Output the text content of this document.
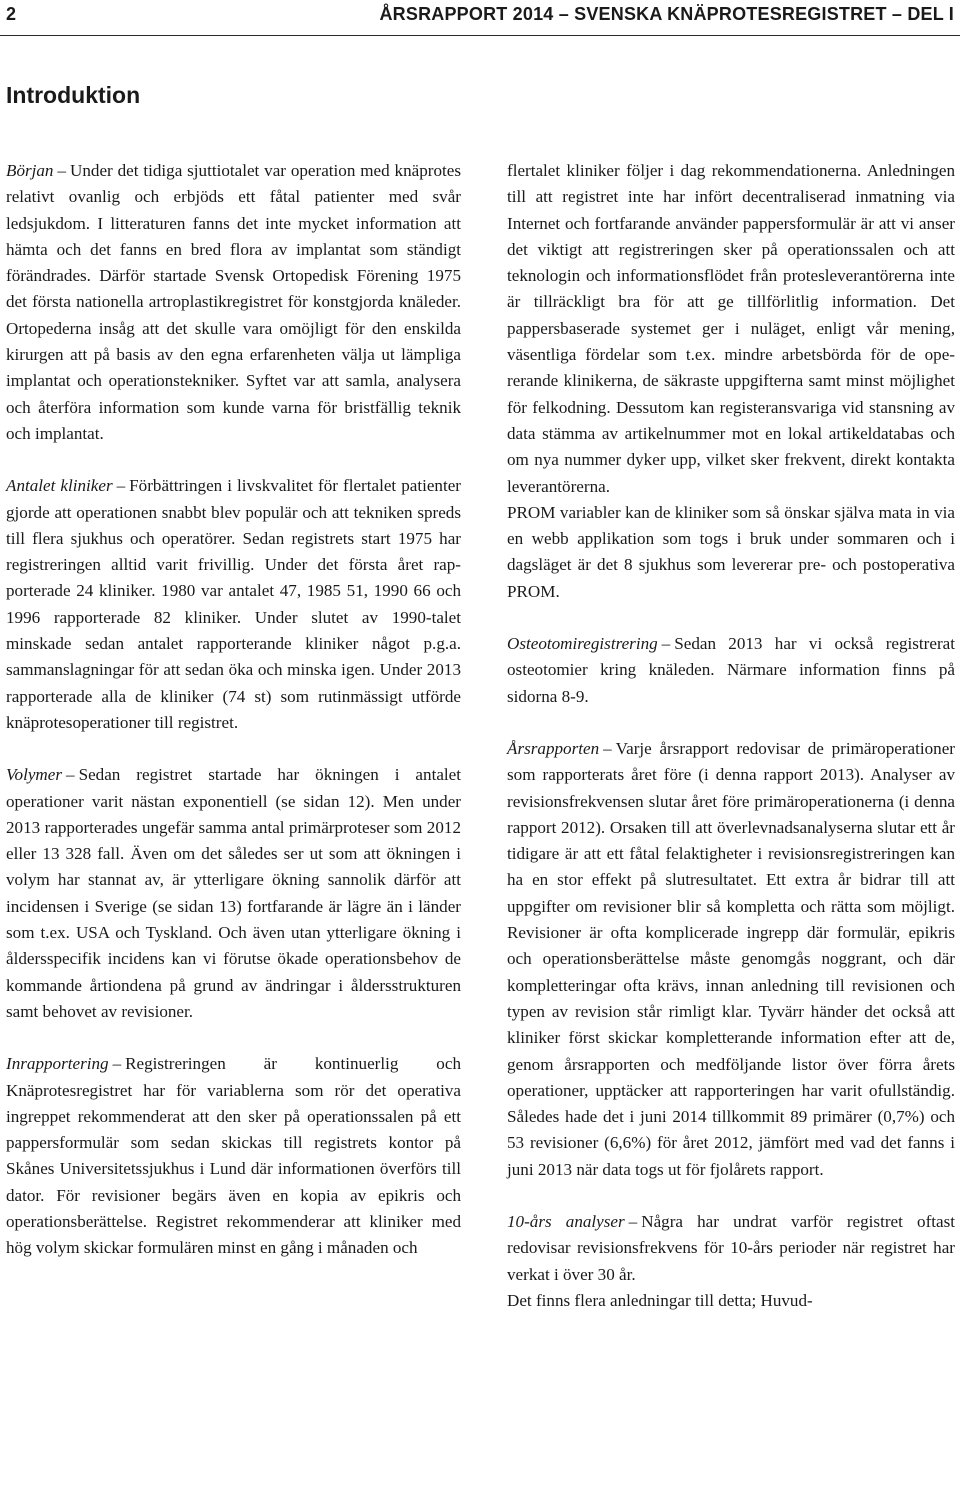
2	ÅRSRAPPORT 2014 – SVENSKA KNÄPROTESREGISTRET – DEL I
Introduktion

Början – Under det tidiga sjuttiotalet var operation med knäprotes relativt ovanlig och erbjöds ett fåtal patienter med svår ledsjukdom. I litteraturen fanns det inte mycket information att hämta och det fanns en bred flora av implantat som ständigt förändrades. Därför startade Svensk Ortopedisk Förening 1975 det första nationella artroplastikregistret för konstgjorda knäleder. Ortopederna insåg att det skulle vara omöjligt för den enskilda kirurgen att på basis av den egna erfarenheten välja ut lämpliga implantat och operationstekniker. Syftet var att samla, analysera och återföra information som kunde varna för bristfällig teknik och implantat.

Antalet kliniker – Förbättringen i livskvalitet för flertalet patienter gjorde att operationen snabbt blev populär och att tekniken spreds till flera sjukhus och operatörer. Sedan registrets start 1975 har registreringen alltid varit frivillig. Under det första året rapporterade 24 kliniker. 1980 var antalet 47, 1985 51, 1990 66 och 1996 rapporterade 82 kliniker. Under slutet av 1990-talet minskade sedan antalet rapporterande kliniker något p.g.a. sammanslagningar för att sedan öka och minska igen. Under 2013 rapporterade alla de kliniker (74 st) som rutinmässigt utförde knäprotesoperationer till registret.

Volymer – Sedan registret startade har ökningen i antalet operationer varit nästan exponentiell (se sidan 12). Men under 2013 rapporterades ungefär samma antal primärproteser som 2012 eller 13 328 fall. Även om det således ser ut som att ökningen i volym har stannat av, är ytterligare ökning sannolik därför att incidensen i Sverige (se sidan 13) fortfarande är lägre än i länder som t.ex. USA och Tyskland. Och även utan ytterligare ökning i åldersspecifik incidens kan vi förutse ökade operationsbehov de kommande årtiondena på grund av ändringar i åldersstrukturen samt behovet av revisioner.

Inrapportering – Registreringen är kontinuerlig och Knäprotesregistret har för variablerna som rör det operativa ingreppet rekommenderat att den sker på operationssalen på ett pappersformulär som sedan skickas till registrets kontor på Skånes Universitetssjukhus i Lund där informationen överförs till dator. För revisioner begärs även en kopia av epikris och operationsberättelse. Registret rekommenderar att kliniker med hög volym skickar formulären minst en gång i månaden och

flertalet kliniker följer i dag rekommendationerna. Anledningen till att registret inte har infört decentraliserad inmatning via Internet och fortfarande använder pappersformulär är att vi anser det viktigt att registreringen sker på operationssalen och att teknologin och informationsflödet från protesleverantörerna inte är tillräckligt bra för att ge tillförlitlig information. Det pappersbaserade systemet ger i nuläget, enligt vår mening, väsentliga fördelar som t.ex. mindre arbetsbörda för de opererande klinikerna, de säkraste uppgifterna samt minst möjlighet för felkodning. Dessutom kan registeransvariga vid stansning av data stämma av artikelnummer mot en lokal artikeldatabas och om nya nummer dyker upp, vilket sker frekvent, direkt kontakta leverantörerna.

PROM variabler kan de kliniker som så önskar själva mata in via en webb applikation som togs i bruk under sommaren och i dagsläget är det 8 sjukhus som levererar pre- och postoperativa PROM.

Osteotomiregistrering – Sedan 2013 har vi också registrerat osteotomier kring knäleden. Närmare information finns på sidorna 8-9.

Årsrapporten – Varje årsrapport redovisar de primäroperationer som rapporterats året före (i denna rapport 2013). Analyser av revisionsfrekvensen slutar året före primäroperationerna (i denna rapport 2012). Orsaken till att överlevnadsanalyserna slutar ett år tidigare är att ett fåtal felaktigheter i revisionsregistreringen kan ha en stor effekt på slutresultatet. Ett extra år bidrar till att uppgifter om revisioner blir så kompletta och rätta som möjligt. Revisioner är ofta komplicerade ingrepp där formulär, epikris och operationsberättelse måste genomgås noggrant, och där kompletteringar ofta krävs, innan anledning till revisionen och typen av revision står rimligt klar. Tyvärr händer det också att kliniker först skickar kompletterande information efter att de, genom årsrapporten och medföljande listor över förra årets operationer, upptäcker att rapporteringen har varit ofullständig. Således hade det i juni 2014 tillkommit 89 primärer (0,7%) och 53 revisioner (6,6%) för året 2012, jämfört med vad det fanns i juni 2013 när data togs ut för fjolårets rapport.

10-års analyser – Några har undrat varför registret oftast redovisar revisionsfrekvens för 10-års perioder när registret har verkat i över 30 år.

Det finns flera anledningar till detta; Huvud-
